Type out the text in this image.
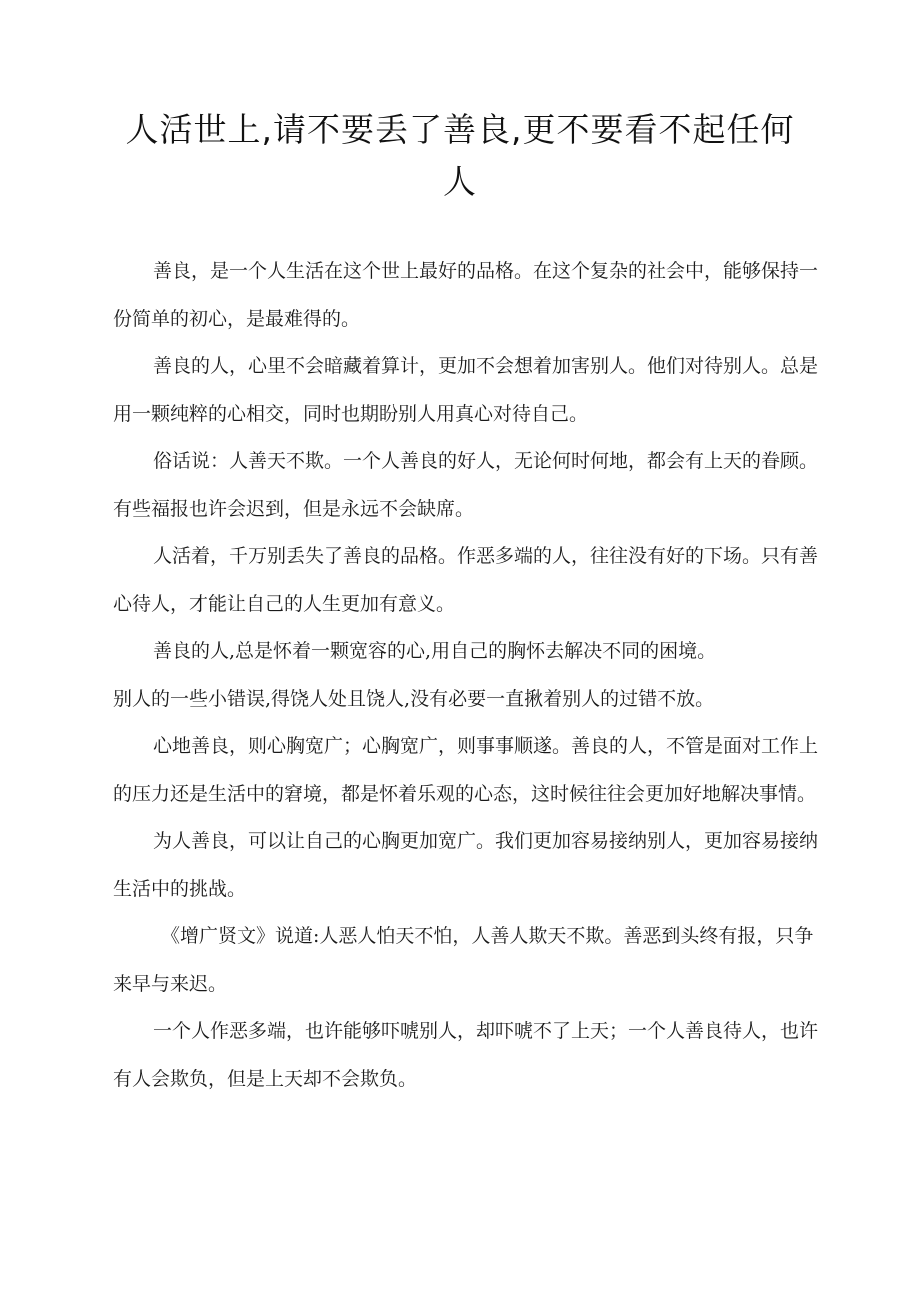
人活世上,请不要丢了善良,更不要看不起任何人

善良，是一个人生活在这个世上最好的品格。在这个复杂的社会中，能够保持一份简单的初心，是最难得的。

善良的人，心里不会暗藏着算计，更加不会想着加害别人。他们对待别人。总是用一颗纯粹的心相交，同时也期盼别人用真心对待自己。

俗话说：人善天不欺。一个人善良的好人，无论何时何地，都会有上天的眷顾。有些福报也许会迟到，但是永远不会缺席。

人活着，千万别丢失了善良的品格。作恶多端的人，往往没有好的下场。只有善心待人，才能让自己的人生更加有意义。

善良的人,总是怀着一颗宽容的心,用自己的胸怀去解决不同的困境。

别人的一些小错误,得饶人处且饶人,没有必要一直揪着别人的过错不放。

心地善良，则心胸宽广；心胸宽广，则事事顺遂。善良的人，不管是面对工作上的压力还是生活中的窘境，都是怀着乐观的心态，这时候往往会更加好地解决事情。

为人善良，可以让自己的心胸更加宽广。我们更加容易接纳别人，更加容易接纳生活中的挑战。

《增广贤文》说道:人恶人怕天不怕，人善人欺天不欺。善恶到头终有报，只争来早与来迟。

一个人作恶多端，也许能够吓唬别人，却吓唬不了上天；一个人善良待人，也许有人会欺负，但是上天却不会欺负。
